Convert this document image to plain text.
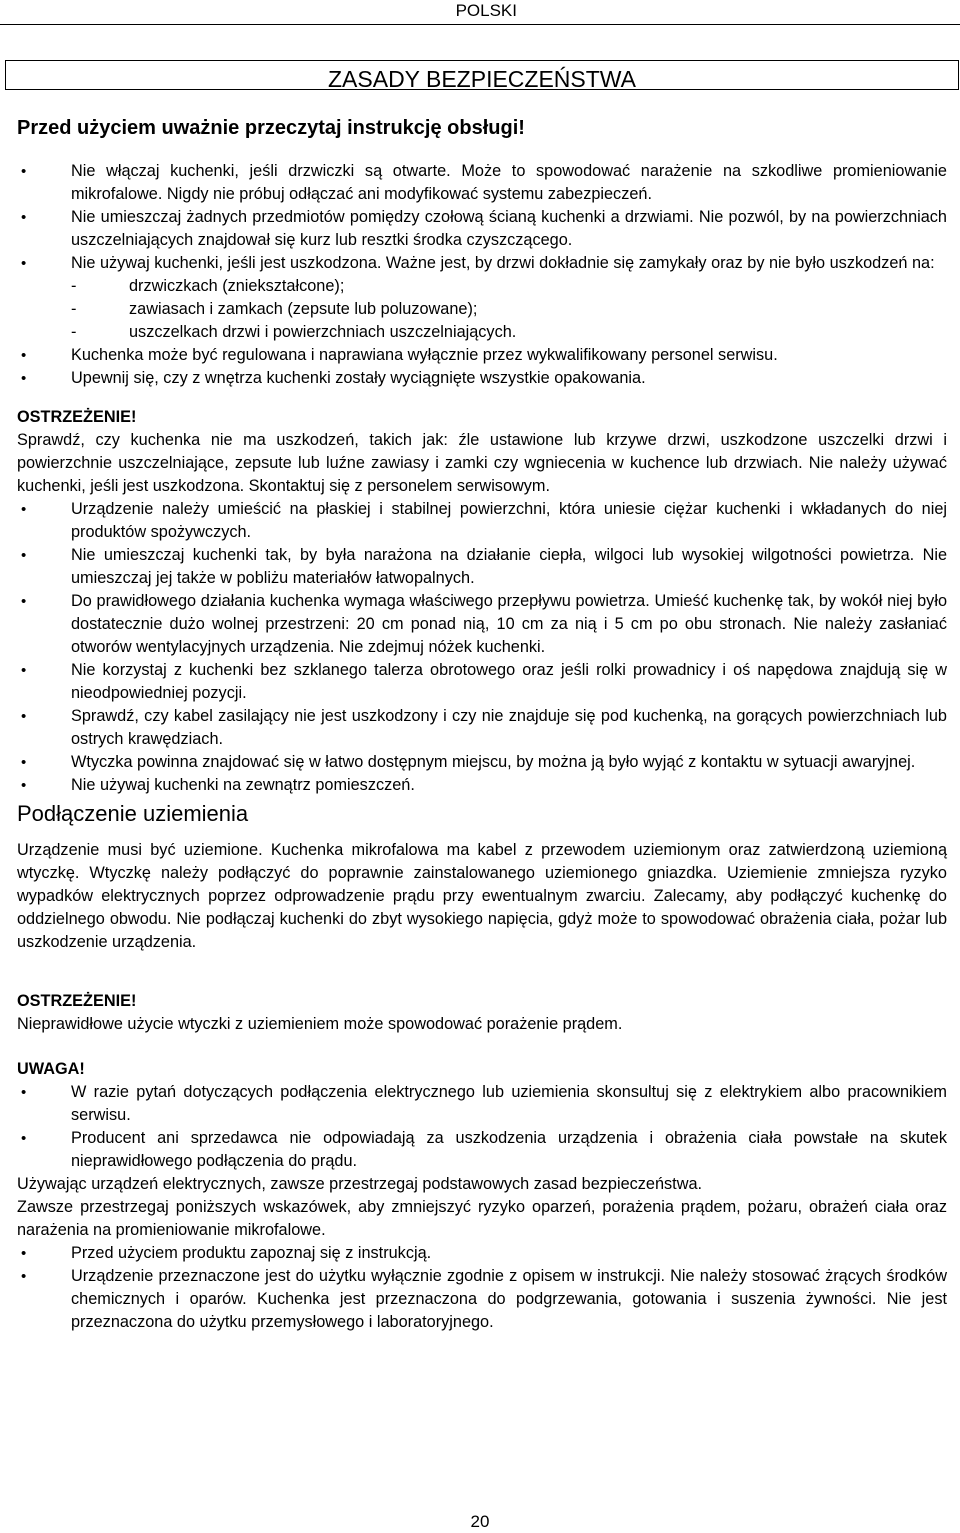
POLSKI
ZASADY BEZPIECZEŃSTWA
Przed użyciem uważnie przeczytaj instrukcję obsługi!
• Nie włączaj kuchenki, jeśli drzwiczki są otwarte. Może to spowodować narażenie na szkodliwe promieniowanie mikrofalowe. Nigdy nie próbuj odłączać ani modyfikować systemu zabezpieczeń.
• Nie umieszczaj żadnych przedmiotów pomiędzy czołową ścianą kuchenki a drzwiami. Nie pozwól, by na powierzchniach uszczelniających znajdował się kurz lub resztki środka czyszczącego.
• Nie używaj kuchenki, jeśli jest uszkodzona. Ważne jest, by drzwi dokładnie się zamykały oraz by nie było uszkodzeń na:
-	drzwiczkach (zniekształcone);
-	zawiasach i zamkach (zepsute lub poluzowane);
-	uszczelkach drzwi i powierzchniach uszczelniających.
• Kuchenka może być regulowana i naprawiana wyłącznie przez wykwalifikowany personel serwisu.
• Upewnij się, czy z wnętrza kuchenki zostały wyciągnięte wszystkie opakowania.
OSTRZEŻENIE!

Sprawdź, czy kuchenka nie ma uszkodzeń, takich jak: źle ustawione lub krzywe drzwi, uszkodzone uszczelki drzwi i powierzchnie uszczelniające, zepsute lub luźne zawiasy i zamki czy wgniecenia w kuchence lub drzwiach. Nie należy używać kuchenki, jeśli jest uszkodzona. Skontaktuj się z personelem serwisowym.

• Urządzenie należy umieścić na płaskiej i stabilnej powierzchni, która uniesie ciężar kuchenki i wkładanych do niej produktów spożywczych.
• Nie umieszczaj kuchenki tak, by była narażona na działanie ciepła, wilgoci lub wysokiej wilgotności powietrza. Nie umieszczaj jej także w pobliżu materiałów łatwopalnych.
• Do prawidłowego działania kuchenka wymaga właściwego przepływu powietrza. Umieść kuchenkę tak, by wokół niej było dostatecznie dużo wolnej przestrzeni: 20 cm ponad nią, 10 cm za nią i 5 cm po obu stronach. Nie należy zasłaniać otworów wentylacyjnych urządzenia. Nie zdejmuj nóżek kuchenki.
• Nie korzystaj z kuchenki bez szklanego talerza obrotowego oraz jeśli rolki prowadnicy i oś napędowa znajdują się w nieodpowiedniej pozycji.
• Sprawdź, czy kabel zasilający nie jest uszkodzony i czy nie znajduje się pod kuchenką, na gorących powierzchniach lub ostrych krawędziach.
• Wtyczka powinna znajdować się w łatwo dostępnym miejscu, by można ją było wyjąć z kontaktu w sytuacji awaryjnej.
• Nie używaj kuchenki na zewnątrz pomieszczeń.
Podłączenie uziemienia

Urządzenie musi być uziemione. Kuchenka mikrofalowa ma kabel z przewodem uziemionym oraz zatwierdzoną uziemioną wtyczkę. Wtyczkę należy podłączyć do poprawnie zainstalowanego uziemionego gniazdka. Uziemienie zmniejsza ryzyko wypadków elektrycznych poprzez odprowadzenie prądu przy ewentualnym zwarciu. Zalecamy, aby podłączyć kuchenkę do oddzielnego obwodu. Nie podłączaj kuchenki do zbyt wysokiego napięcia, gdyż może to spowodować obrażenia ciała, pożar lub uszkodzenie urządzenia.

OSTRZEŻENIE!

Nieprawidłowe użycie wtyczki z uziemieniem może spowodować porażenie prądem.

UWAGA!
• W razie pytań dotyczących podłączenia elektrycznego lub uziemienia skonsultuj się z elektrykiem albo pracownikiem serwisu.
• Producent ani sprzedawca nie odpowiadają za uszkodzenia urządzenia i obrażenia ciała powstałe na skutek nieprawidłowego podłączenia do prądu.

Używając urządzeń elektrycznych, zawsze przestrzegaj podstawowych zasad bezpieczeństwa.

Zawsze przestrzegaj poniższych wskazówek, aby zmniejszyć ryzyko oparzeń, porażenia prądem, pożaru, obrażeń ciała oraz narażenia na promieniowanie mikrofalowe.

• Przed użyciem produktu zapoznaj się z instrukcją.
• Urządzenie przeznaczone jest do użytku wyłącznie zgodnie z opisem w instrukcji. Nie należy stosować żrących środków chemicznych i oparów. Kuchenka jest przeznaczona do podgrzewania, gotowania i suszenia żywności. Nie jest przeznaczona do użytku przemysłowego i laboratoryjnego.
20
